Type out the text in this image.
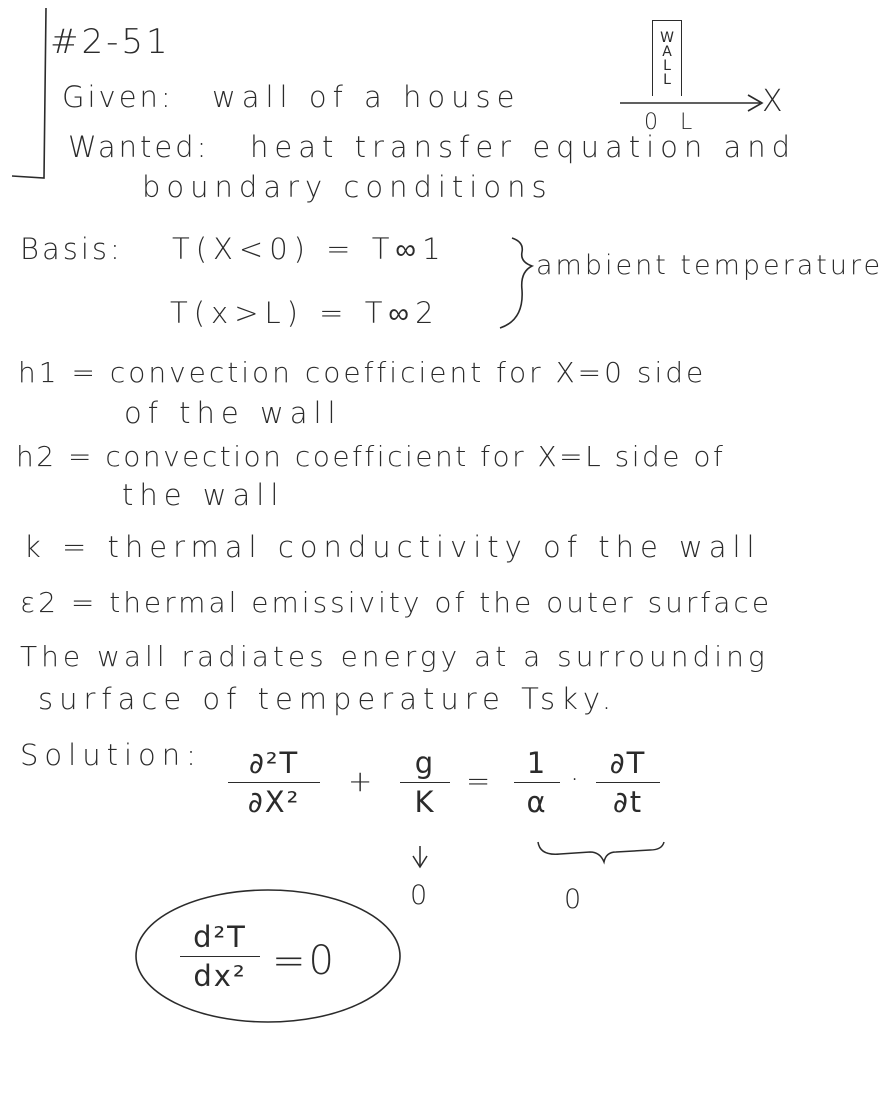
#2-51
Given: wall of a house
Wanted: heat transfer equation and
boundary conditions
WALL
X
0 L
Basis: T(X<0) = T∞1
T(x>L) = T∞2
ambient temperature
h1 = convection coefficient for X=0 side
of the wall
h2 = convection coefficient for X=L side of
the wall
k = thermal conductivity of the wall
ε2 = thermal emissivity of the outer surface
The wall radiates energy at a surrounding
surface of temperature Tsky.
Solution:	∂²T
∂X²
+
g
K
=
1
α
· ∂T
∂t
0	0
d²T
dx² =0
